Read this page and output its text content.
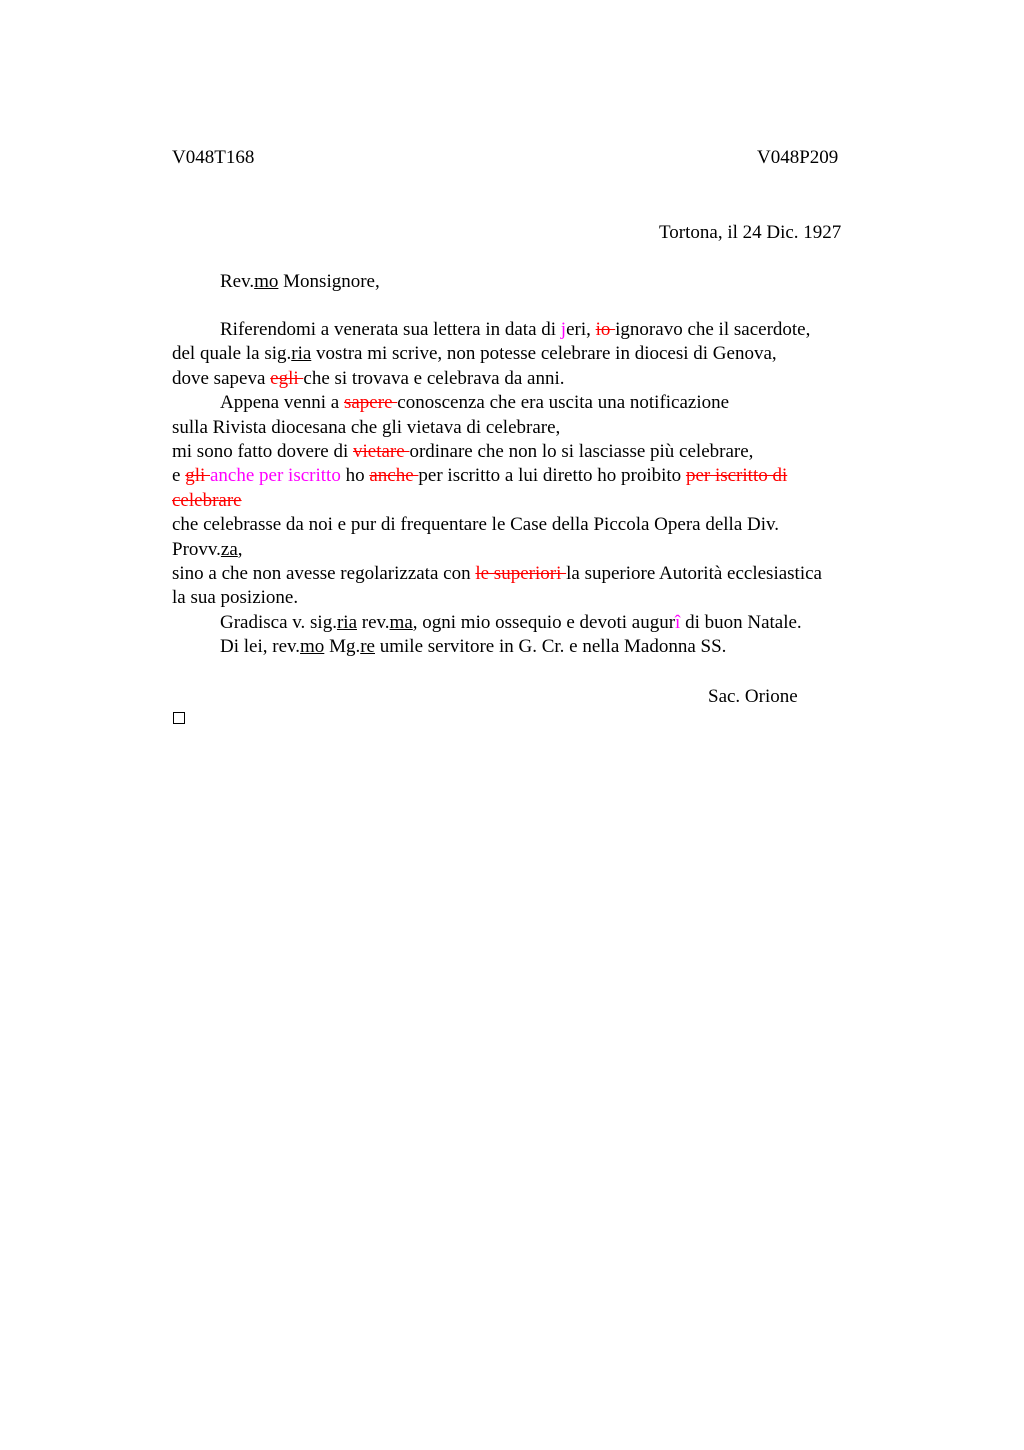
V048T168	V048P209
Tortona, il 24 Dic. 1927
Rev.mo Monsignore,
Riferendomi a venerata sua lettera in data di jeri, io ignoravo che il sacerdote,
del quale la sig.ria vostra mi scrive, non potesse celebrare in diocesi di Genova,
dove sapeva egli che si trovava e celebrava da anni.
Appena venni a sapere conoscenza che era uscita una notificazione
sulla Rivista diocesana che gli vietava di celebrare,
mi sono fatto dovere di vietare ordinare che non lo si lasciasse più celebrare,
e gli anche per iscritto ho anche per iscritto a lui diretto ho proibito per iscritto di
celebrare
che celebrasse da noi e pur di frequentare le Case della Piccola Opera della Div.
Provv.za,
sino a che non avesse regolarizzata con le superiori la superiore Autorità ecclesiastica
la sua posizione.
Gradisca v. sig.ria rev.ma, ogni mio ossequio e devoti augurî di buon Natale.
Di lei, rev.mo Mg.re umile servitore in G. Cr. e nella Madonna SS.
Sac. Orione
